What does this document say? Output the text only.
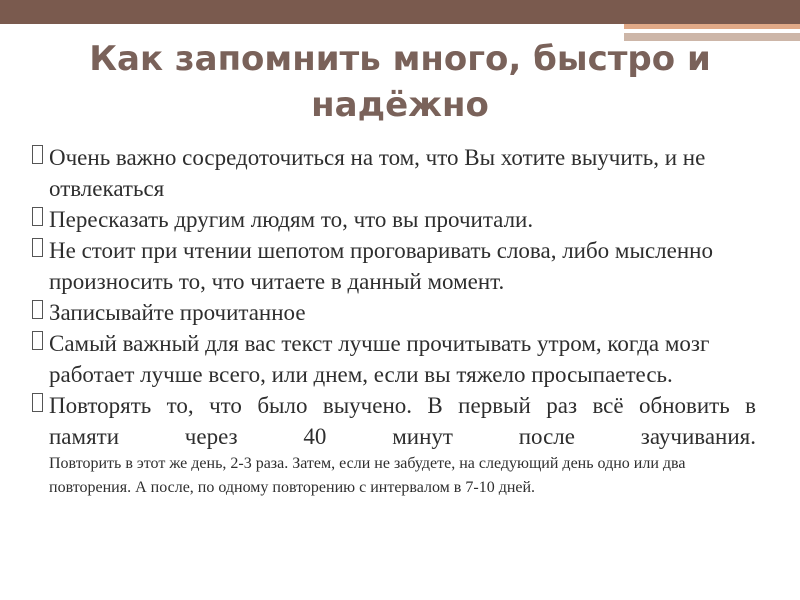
Как запомнить много, быстро и надёжно
Очень важно сосредоточиться на том, что Вы хотите выучить, и не отвлекаться
Пересказать другим людям то, что вы прочитали.
Не стоит при чтении шепотом проговаривать слова, либо мысленно произносить то, что читаете в данный момент.
Записывайте прочитанное
Самый важный для вас текст лучше прочитывать утром, когда мозг работает лучше всего, или днем, если вы тяжело просыпаетесь.
Повторять то, что было выучено. В первый раз всё обновить в памяти через 40 минут после заучивания.
Повторить в этот же день, 2-3 раза. Затем, если не забудете, на следующий день одно или два повторения. А после, по одному повторению с интервалом в 7-10 дней.
